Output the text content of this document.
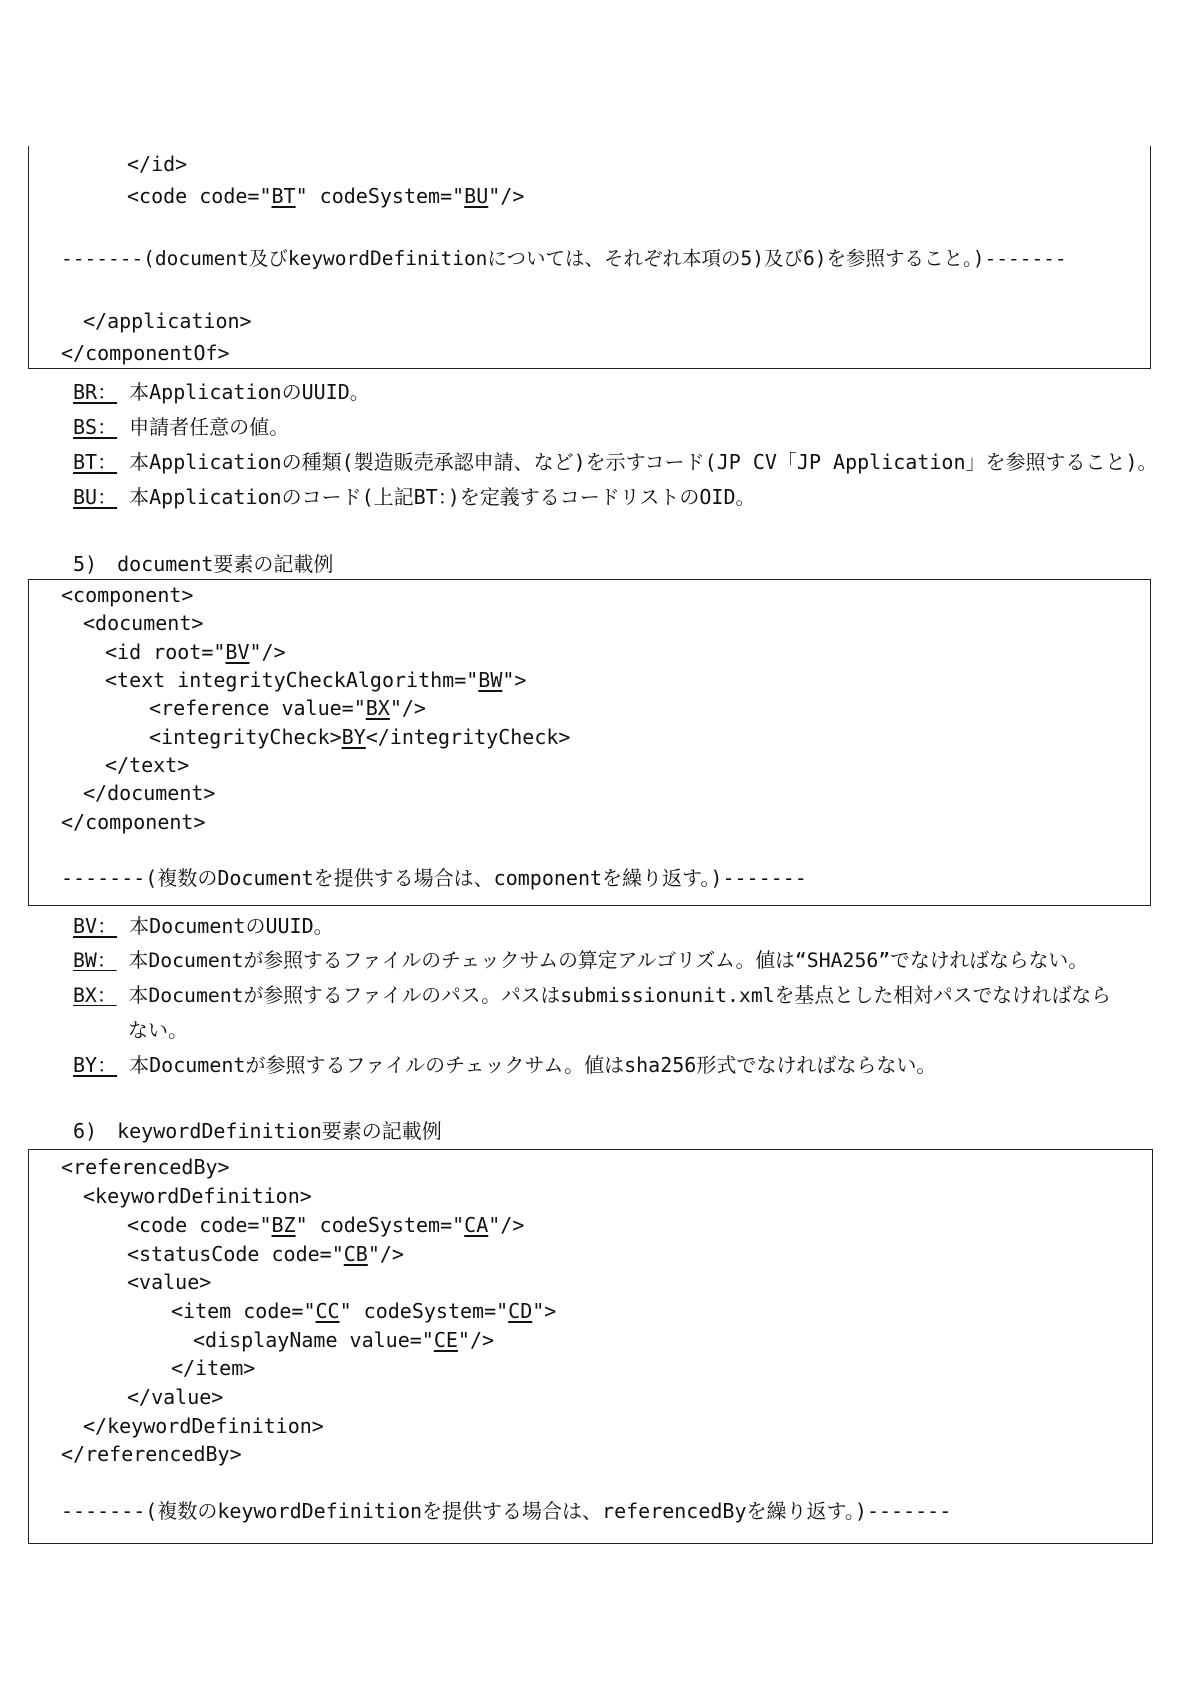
</id>
<code code="BT" codeSystem="BU"/>
-------(document及びkeywordDefinitionについては、それぞれ本項の5)及び6)を参照すること。)-------
</application>
</componentOf>
BR： 本ApplicationのUUID。
BS： 申請者任意の値。
BT： 本Applicationの種類(製造販売承認申請、など)を示すコード(JP CV「JP Application」を参照すること)。
BU： 本Applicationのコード(上記BT：)を定義するコードリストのOID。
5)　document要素の記載例
<component>
<document>
<id root="BV"/>
<text integrityCheckAlgorithm="BW">
<reference value="BX"/>
<integrityCheck>BY</integrityCheck>
</text>
</document>
</component>
-------(複数のDocumentを提供する場合は、componentを繰り返す。)-------
BV： 本DocumentのUUID。
BW： 本Documentが参照するファイルのチェックサムの算定アルゴリズム。値は“SHA256”でなければならない。
BX： 本Documentが参照するファイルのパス。パスはsubmissionunit.xmlを基点とした相対パスでなければなら
ない。
BY： 本Documentが参照するファイルのチェックサム。値はsha256形式でなければならない。
6)　keywordDefinition要素の記載例
<referencedBy>
<keywordDefinition>
<code code="BZ" codeSystem="CA"/>
<statusCode code="CB"/>
<value>
<item code="CC" codeSystem="CD">
<displayName value="CE"/>
</item>
</value>
</keywordDefinition>
</referencedBy>
-------(複数のkeywordDefinitionを提供する場合は、referencedByを繰り返す。)-------
